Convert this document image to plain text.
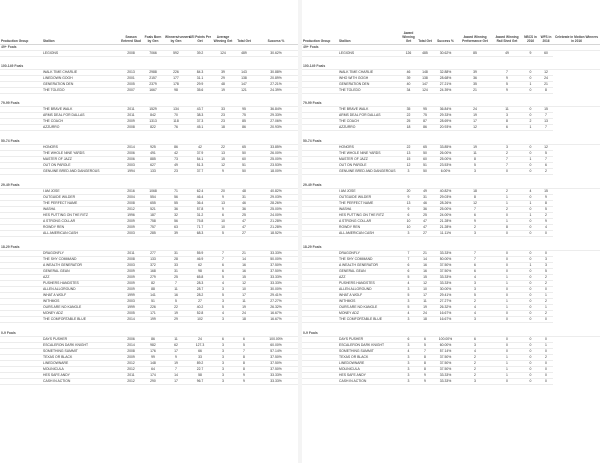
Production Group	Stallion	Season Entered Stud	Foals Born by Gen	Winners/runners by Gen	AEI Points Per Get	Average Winning Get	Total Get	Success %
49+ Foals								
	LEGIONS	2008	7066	592	39.2	124	489	30.62%

100-149 Foals								
	WALK TIME CHARLIE	2013	2988	226	84.3	39	143	30.88%
	LINEDOWN GOGH	2001	2157	177	31.1	29	138	20.89%
	GENERATION DEN	2005	2379	178	29.9	48	147	27.21%
	THE TOLEDO	2007	1667	98	35.6	19	121	24.39%

79-99 Foals								
	THE BRAVE WALK	2011	1529	134	43.7	33	95	36.84%
	ARMS DEAL FOR DALLAS	2011	842	70	38.3	23	75	29.33%
	THE COACH	2009	1313	118	37.3	23	85	27.06%
	AZZURRO	2008	822	76	45.1	18	86	20.93%

50-74 Foals								
	HONORS	2014	925	86	42	22	65	33.85%
	THE WHOLE NINE YARDS	2006	491	42	37.9	13	50	26.00%
	MASTER OF JAZZ	2006	885	73	54.1	15	60	25.00%
	OUT ON PAROLE	2003	627	49	51.3	12	51	23.53%
	GENUINE BRED AND DANGEROUS	1994	133	23	37.7	9	50	18.00%

29-49 Foals								
	I AM JOSE	2016	1068	71	62.4	20	48	40.82%
	OUTGUIDE WILDER	2004	554	56	46.4	9	31	29.03%
	THE PERFECT NAME	2008	655	55	36.4	13	46	28.26%
	WASHA	2012	521	36	57.8	9	36	25.00%
	HES PUTTING ON THE RITZ	1996	187	32	31.2	6	25	24.00%
	A STRONG COLLAR	2009	758	56	75.8	10	47	21.28%
	ROWDY REN	2009	757	63	71.7	10	47	21.28%
	ALL AMERICAN CASH	2003	285	39	68.3	5	27	18.52%

18-29 Foals								
	DRAGONFLY	2011	277	31	55.9	7	21	33.33%
	THE SHY COMMAND	2008	133	28	46.9	7	14	50.00%
	A WEALTH GENERATOR	2003	372	33	62	6	16	37.50%
	GENERAL GEAN	2009	168	31	98	6	16	37.50%
	AZZ	2009	279	25	65.8	5	15	33.33%
	PUSHERS HANDSTES	2009	82	7	28.3	4	12	33.33%
	ALLEN ALLGROUND	2009	88	11	28.7	3	10	30.00%
	WHAT A WOLF	1999	141	16	28.2	5	17	29.41%
	WITHMOS	2003	51	5	27	3	11	27.27%
	OURS ARE NO KANGLE	1999	226	22	40.2	5	19	26.32%
	MONEY ADZ	2005	171	19	52.8	4	24	16.67%
	THE COMFORTABLE BLUE	2014	199	29	102	3	18	16.67%

0-9 Foals								
	DAYS PUSHER	2006	86	11	24	6	6	100.00%
	ESCALERON DARK KNIGHT	2014	982	62	127.3	3	5	60.00%
	SOMETHING SUMMIT	2008	176	17	66	3	7	57.14%
	TEXAS OR BLACK	2009	99	9	33	3	8	37.50%
	LINEDOWNARE	2012	148	19	89.2	3	8	37.50%
	MOLINICULA	2012	64	7	22.7	3	8	37.50%
	HES SAFE ANDY	2011	174	14	58	3	9	33.33%
	CASH IN ACTION	2012	290	17	96.7	3	9	33.33%
Production Group	Stallion	Award Winning Get	Total Get	Success %	Award Winning Performance Get	Award Winning Rail Shed Get	NBCS in 2016	WFS in 2016	Celebrate in Motion Winners in 2016
49+ Foals									
	LEGIONS	126	485	30.62%	85	49	9	60	

100-149 Foals									
	WALK TIME CHARLIE	46	148	32.88%	39	7	0	12	
	WHO WITH GOGH	39	138	28.68%	36	9	0	24	
	GENERATION DEN	40	147	27.21%	35	5	1	21	
	THE TOLEDO	34	124	24.39%	21	9	0	8	

79-99 Foals									
	THE BRAVE WALK	35	95	36.84%	24	11	0	15	
	ARMS DEAL FOR DALLAS	22	75	29.33%	19	3	0	7	
	THE COACH	25	87	28.69%	17	8	2	13	
	AZZURRO	18	86	20.93%	12	6	1	7	

50-74 Foals									
	HONORS	22	65	33.85%	19	3	0	12	
	THE WHOLE NINE YARDS	13	50	26.00%	11	2	0	5	
	MASTER OF JAZZ	15	60	25.00%	8	7	1	7	
	OUT ON PAROLE	12	51	23.53%	5	7	0	6	
	GENUINE BRED AND DANGEROUS	3	50	6.00%	3	0	0	2	

29-49 Foals									
	I AM JOSE	20	49	40.82%	18	2	4	15	
	OUTGUIDE WILDER	9	31	29.03%	8	1	0	9	
	THE PERFECT NAME	13	46	28.26%	12	1	1	8	
	WASHA	9	36	25.00%	7	2	0	5	
	HES PUTTING ON THE RITZ	6	25	24.00%	6	0	1	2	
	A STRONG COLLAR	10	47	21.28%	9	1	0	9	
	ROWDY REN	10	47	21.28%	2	8	0	4	
	ALL AMERICAN CASH	3	27	11.11%	3	0	0	0	

18-29 Foals									
	DRAGONFLY	7	21	33.33%	7	0	0	0	
	THE SHY COMMAND	7	14	50.00%	7	0	0	3	
	A WEALTH GENERATOR	6	16	37.50%	6	0	1	3	
	GENERAL GEAN	6	16	37.50%	6	0	0	5	
	AZZ	5	15	33.33%	4	1	0	2	
	PUSHERS HANDSTES	4	12	33.33%	3	1	0	2	
	ALLEN ALLGROUND	3	10	30.00%	3	0	0	0	
	WHAT A WOLF	5	17	29.41%	5	0	0	1	
	WITHMOS	3	11	27.27%	2	1	0	2	
	OURS ARE NO KANGLE	5	19	26.32%	4	1	0	1	
	MONEY ADZ	4	24	16.67%	4	0	0	2	
	THE COMFORTABLE BLUE	3	18	16.67%	3	0	0	0	

0-9 Foals									
	DAYS PUSHER	6	6	100.00%	6	0	0	0	
	ESCALERON DARK KNIGHT	3	5	60.00%	3	0	0	1	
	SOMETHING SUMMIT	4	7	57.14%	4	0	0	0	
	TEXAS OR BLACK	3	8	37.50%	2	1	0	2	
	LINEDOWNARE	3	8	37.50%	2	1	0	0	
	MOLINICULA	3	8	37.50%	2	1	0	0	
	HES SAFE ANDY	3	9	33.33%	2	1	0	0	
	CASH IN ACTION	3	9	33.33%	3	0	0	0	
